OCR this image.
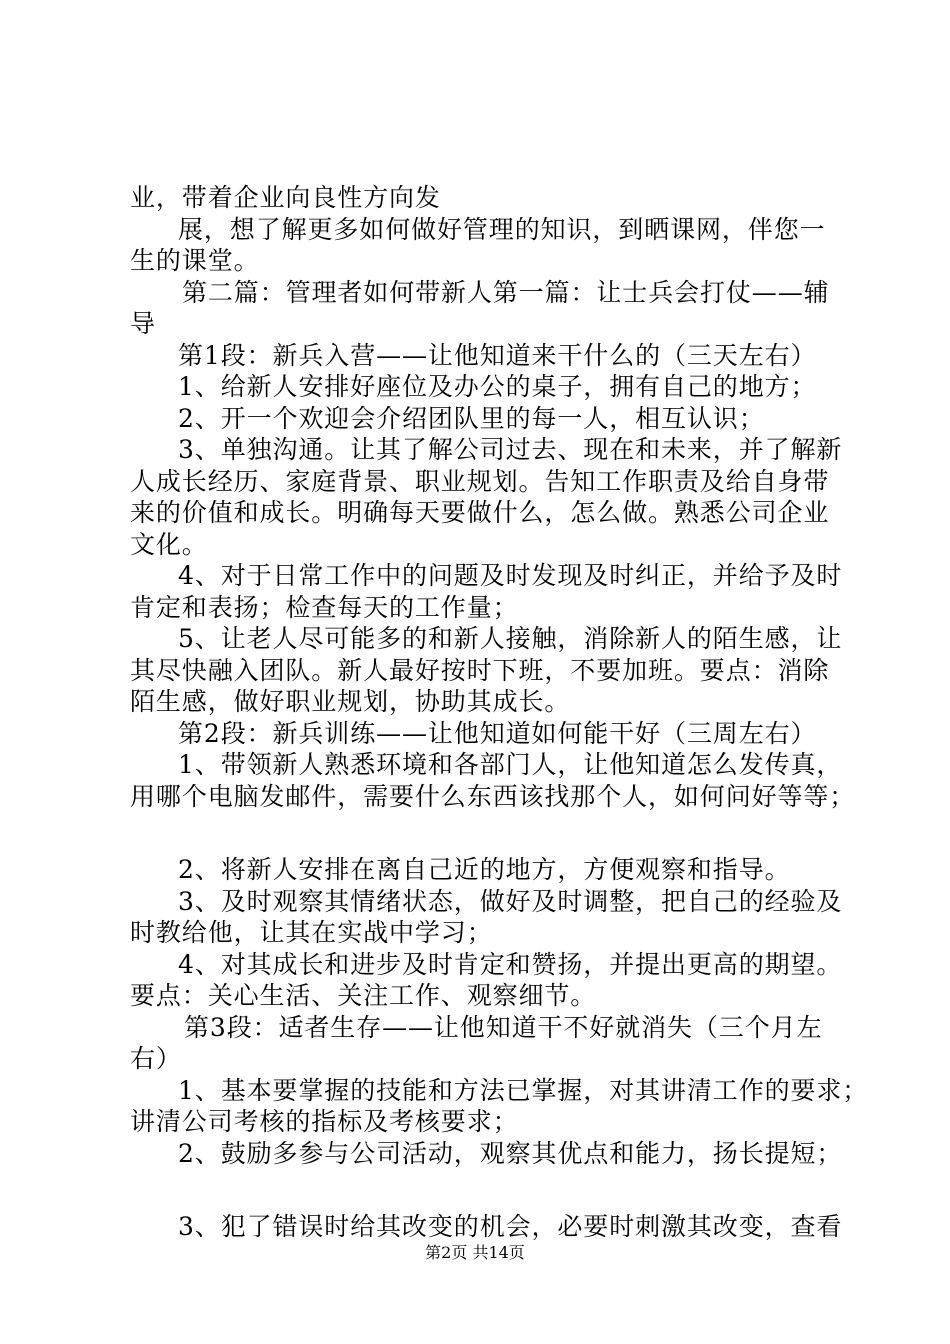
业，带着企业向良性方向发
展，想了解更多如何做好管理的知识，到晒课网，伴您一
生的课堂。
第二篇：管理者如何带新人第一篇：让士兵会打仗——辅
导
第1段：新兵入营——让他知道来干什么的（三天左右）
1、给新人安排好座位及办公的桌子，拥有自己的地方；
2、开一个欢迎会介绍团队里的每一人，相互认识；
3、单独沟通。让其了解公司过去、现在和未来，并了解新
人成长经历、家庭背景、职业规划。告知工作职责及给自身带
来的价值和成长。明确每天要做什么，怎么做。熟悉公司企业
文化。
4、对于日常工作中的问题及时发现及时纠正，并给予及时
肯定和表扬；检查每天的工作量；
5、让老人尽可能多的和新人接触，消除新人的陌生感，让
其尽快融入团队。新人最好按时下班，不要加班。要点：消除
陌生感，做好职业规划，协助其成长。
第2段：新兵训练——让他知道如何能干好（三周左右）
1、带领新人熟悉环境和各部门人，让他知道怎么发传真，
用哪个电脑发邮件，需要什么东西该找那个人，如何问好等等；
2、将新人安排在离自己近的地方，方便观察和指导。
3、及时观察其情绪状态，做好及时调整，把自己的经验及
时教给他，让其在实战中学习；
4、对其成长和进步及时肯定和赞扬，并提出更高的期望。
要点：关心生活、关注工作、观察细节。
第3段：适者生存——让他知道干不好就消失（三个月左
右）
1、基本要掌握的技能和方法已掌握，对其讲清工作的要求；
讲清公司考核的指标及考核要求；
2、鼓励多参与公司活动，观察其优点和能力，扬长提短；
3、犯了错误时给其改变的机会，必要时刺激其改变，查看
第2页 共14页
